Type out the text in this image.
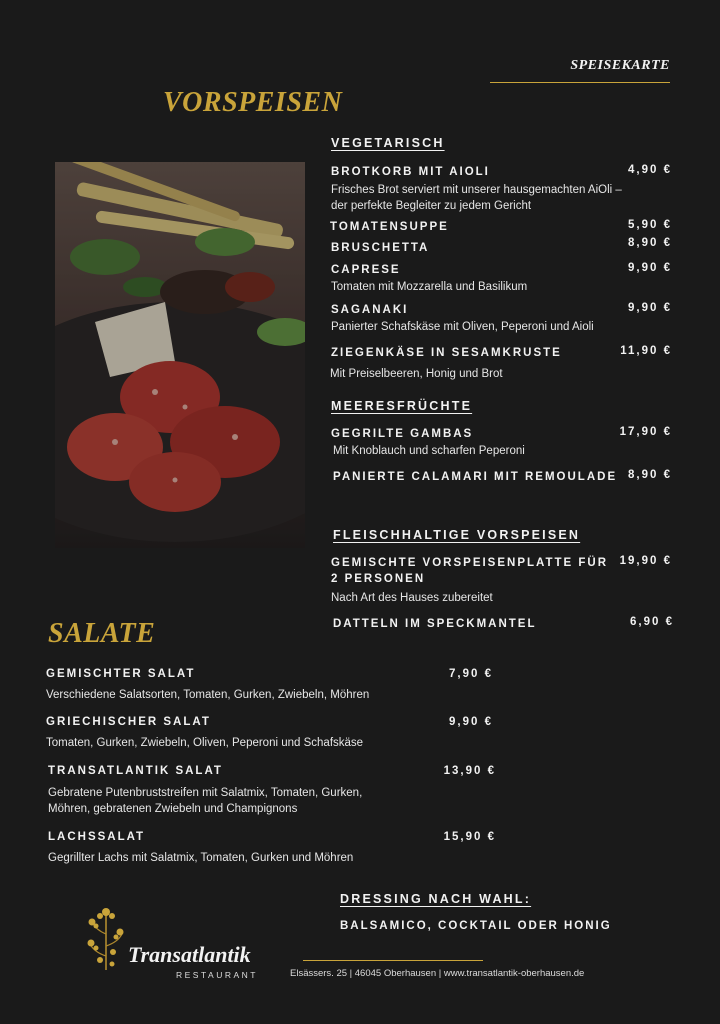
SPEISEKARTE
VORSPEISEN
VEGETARISCH
BROTKORB MIT AIOLI	4,90 €
Frisches Brot serviert mit unserer hausgemachten AiOli –
der perfekte Begleiter zu jedem Gericht
TOMATENSUPPE	5,90 €
BRUSCHETTA	8,90 €
CAPRESE	9,90 €
Tomaten mit Mozzarella und Basilikum
SAGANAKI	9,90 €
Panierter Schafskäse mit Oliven, Peperoni und Aioli
ZIEGENKÄSE IN SESAMKRUSTE	11,90 €
Mit Preiselbeeren, Honig und Brot
MEERESFRÜCHTE
GEGRILTE GAMBAS	17,90 €
Mit Knoblauch und scharfen Peperoni
PANIERTE CALAMARI MIT REMOULADE 8,90 €
FLEISCHHALTIGE VORSPEISEN
GEMISCHTE VORSPEISENPLATTE FÜR
2 PERSONEN
19,90 €
Nach Art des Hauses zubereitet
DATTELN IM SPECKMANTEL	6,90 €
SALATE
GEMISCHTER SALAT	7,90 €
Verschiedene Salatsorten, Tomaten, Gurken, Zwiebeln, Möhren
GRIECHISCHER SALAT	9,90 €
Tomaten, Gurken, Zwiebeln, Oliven, Peperoni und Schafskäse
TRANSATLANTIK SALAT	13,90 €
Gebratene Putenbruststreifen mit Salatmix, Tomaten, Gurken,
Möhren, gebratenen Zwiebeln und Champignons
LACHSSALAT	15,90 €
Gegrillter Lachs mit Salatmix, Tomaten, Gurken und Möhren
DRESSING NACH WAHL:
BALSAMICO, COCKTAIL ODER HONIG
Transatlantik
RESTAURANT	Elsässers. 25 | 46045 Oberhausen | www.transatlantik-oberhausen.de
